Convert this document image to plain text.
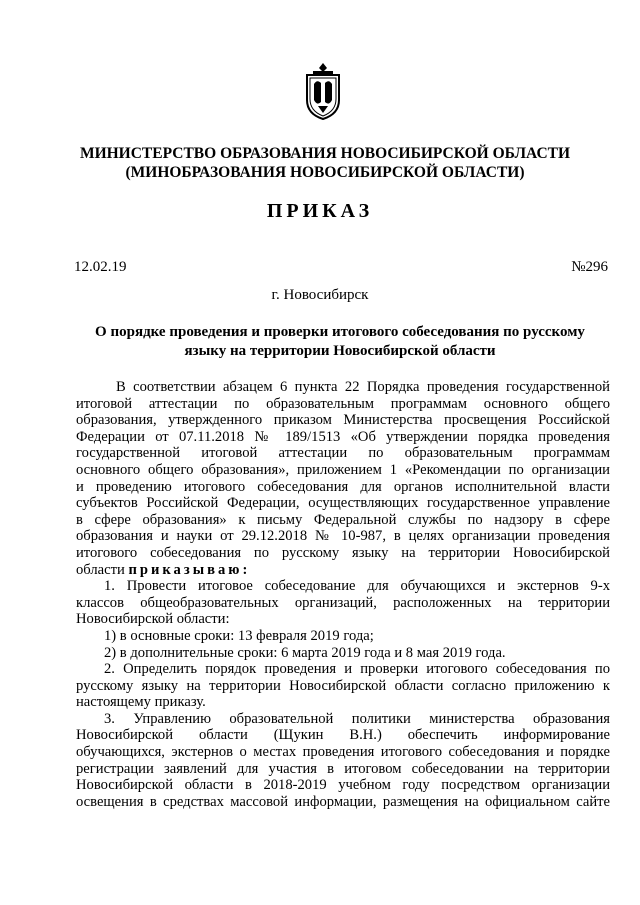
МИНИСТЕРСТВО ОБРАЗОВАНИЯ НОВОСИБИРСКОЙ ОБЛАСТИ
(МИНОБРАЗОВАНИЯ НОВОСИБИРСКОЙ ОБЛАСТИ)
ПРИКАЗ
12.02.19	№296
г. Новосибирск
О порядке проведения и проверки итогового собеседования по русскому
языку на территории Новосибирской области
В соответствии абзацем 6 пункта 22 Порядка проведения государственной
итоговой аттестации по образовательным программам основного общего
образования, утвержденного приказом Министерства просвещения Российской
Федерации от 07.11.2018 № 189/1513 «Об утверждении порядка проведения
государственной итоговой аттестации по образовательным программам
основного общего образования», приложением 1 «Рекомендации по организации
и проведению итогового собеседования для органов исполнительной власти
субъектов Российской Федерации, осуществляющих государственное управление
в сфере образования» к письму Федеральной службы по надзору в сфере
образования и науки от 29.12.2018 № 10-987, в целях организации проведения
итогового собеседования по русскому языку на территории Новосибирской
области приказываю:
1. Провести итоговое собеседование для обучающихся и экстернов 9-х
классов общеобразовательных организаций, расположенных на территории
Новосибирской области:
1) в основные сроки: 13 февраля 2019 года;
2) в дополнительные сроки: 6 марта 2019 года и 8 мая 2019 года.
2. Определить порядок проведения и проверки итогового собеседования по
русскому языку на территории Новосибирской области согласно приложению к
настоящему приказу.
3. Управлению образовательной политики министерства образования
Новосибирской области (Щукин В.Н.) обеспечить информирование
обучающихся, экстернов о местах проведения итогового собеседования и порядке
регистрации заявлений для участия в итоговом собеседовании на территории
Новосибирской области в 2018-2019 учебном году посредством организации
освещения в средствах массовой информации, размещения на официальном сайте
